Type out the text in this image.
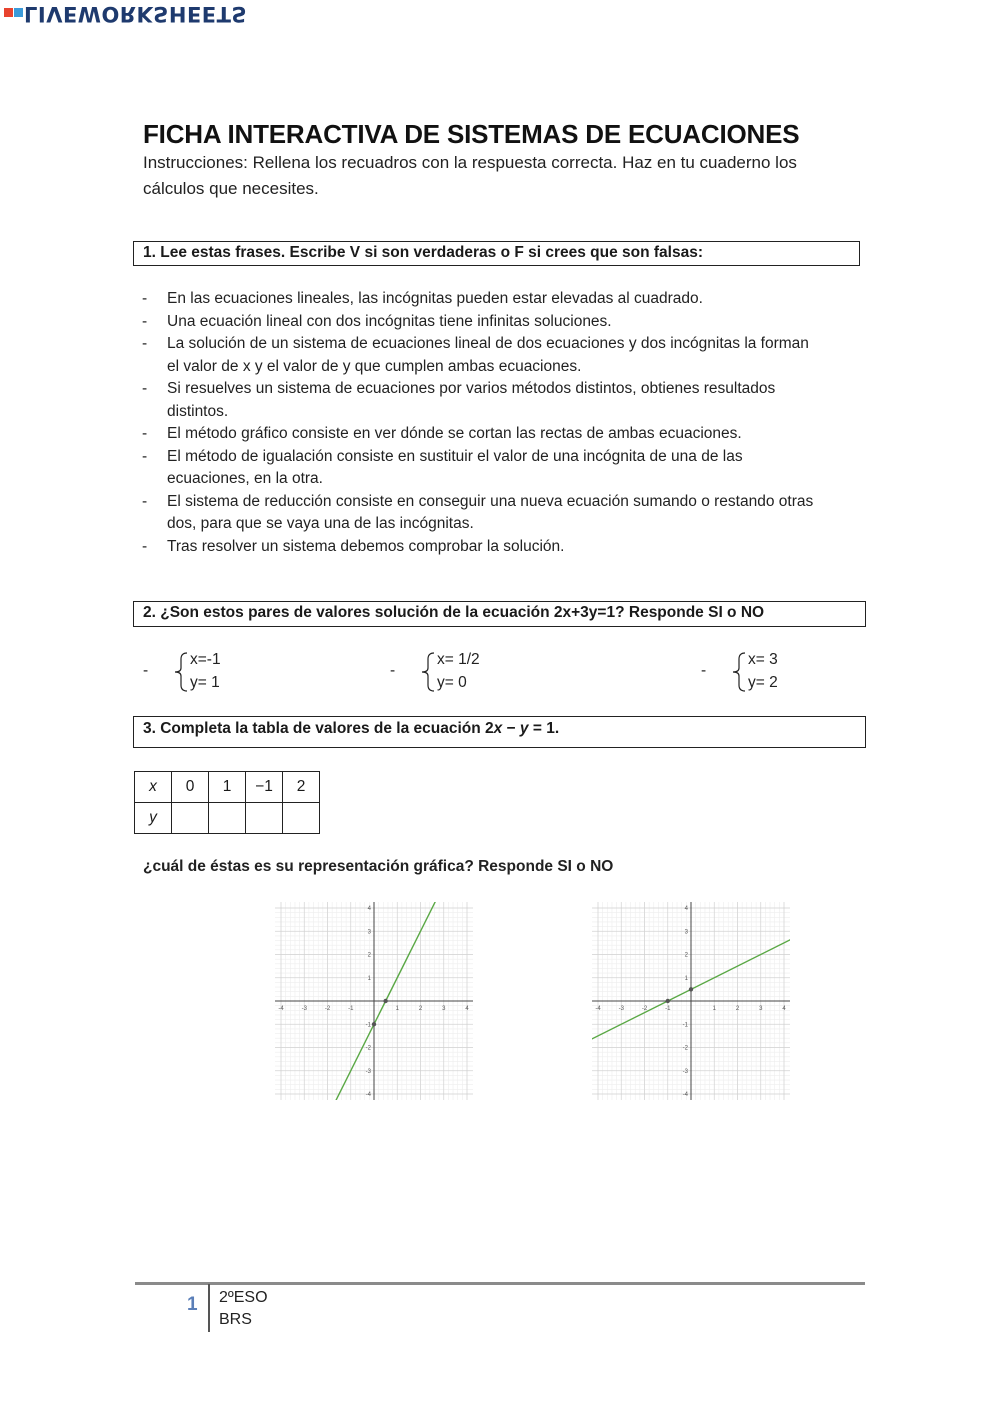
LIVEWORKSHEETS
FICHA INTERACTIVA DE SISTEMAS DE ECUACIONES
Instrucciones: Rellena los recuadros con la respuesta correcta. Haz en tu cuaderno los cálculos que necesites.
1. Lee estas frases. Escribe V si son verdaderas o F si crees que son falsas:
- En las ecuaciones lineales, las incógnitas pueden estar elevadas al cuadrado.
- Una ecuación lineal con dos incógnitas tiene infinitas soluciones.
- La solución de un sistema de ecuaciones lineal de dos ecuaciones y dos incógnitas la forman el valor de x y el valor de y que cumplen ambas ecuaciones.
- Si resuelves un sistema de ecuaciones por varios métodos distintos, obtienes resultados distintos.
- El método gráfico consiste en ver dónde se cortan las rectas de ambas ecuaciones.
- El método de igualación consiste en sustituir el valor de una incógnita de una de las ecuaciones, en la otra.
- El sistema de reducción consiste en conseguir una nueva ecuación sumando o restando otras dos, para que se vaya una de las incógnitas.
- Tras resolver un sistema debemos comprobar la solución.
2. ¿Son estos pares de valores solución de la ecuación 2x+3y=1? Responde SI o NO
-
x=-1
y= 1
-
x= 1/2
y= 0
-
x= 3
y= 2
3. Completa la tabla de valores de la ecuación 2x − y = 1.
x	0	1	−1	2
y				
¿cuál de éstas es su representación gráfica? Responde SI o NO
-4
-4
-3
-3
-2
-2
-1
-1
1
1
2
2
3
3
4
4
-4
-4
-3
-3
-2
-2
-1
-1
1
1
2
2
3
3
4
4
1 2ºESO
BRS
